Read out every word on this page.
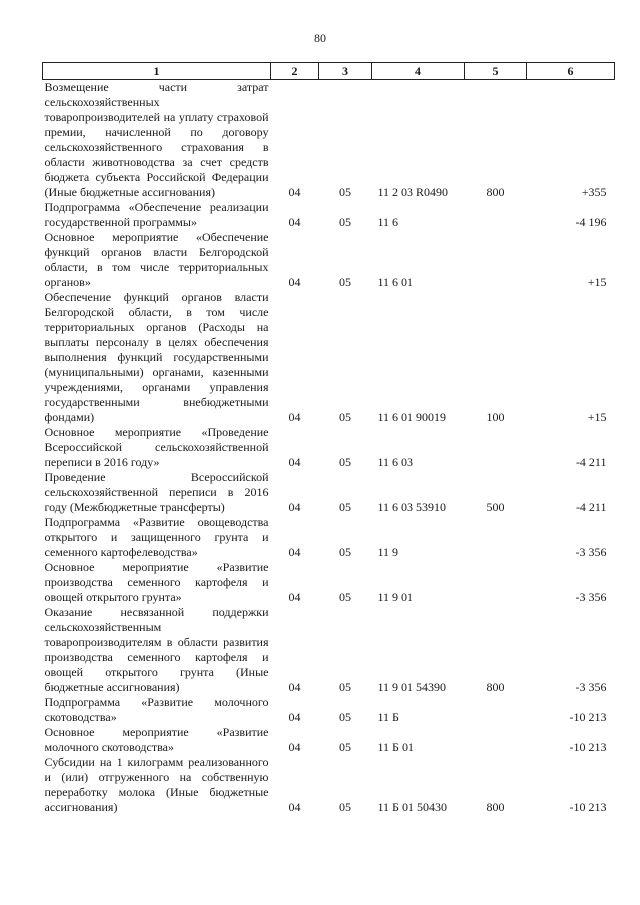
80
1	2	3	4	5	6
Возмещение части затрат сельскохозяйственных товаропроизводителей на уплату страховой премии, начисленной по договору сельскохозяйственного страхования в области животноводства за счет средств бюджета субъекта Российской Федерации (Иные бюджетные ассигнования)	04	05	11 2 03 R0490	800	+355
Подпрограмма «Обеспечение реализации государственной программы»	04	05	11 6		-4 196
Основное мероприятие «Обеспечение функций органов власти Белгородской области, в том числе территориальных органов»	04	05	11 6 01		+15
Обеспечение функций органов власти Белгородской области, в том числе территориальных органов (Расходы на выплаты персоналу в целях обеспечения выполнения функций государственными (муниципальными) органами, казенными учреждениями, органами управления государственными внебюджетными фондами)	04	05	11 6 01 90019	100	+15
Основное мероприятие «Проведение Всероссийской сельскохозяйственной переписи в 2016 году»	04	05	11 6 03		-4 211
Проведение Всероссийской сельскохозяйственной переписи в 2016 году (Межбюджетные трансферты)	04	05	11 6 03 53910	500	-4 211
Подпрограмма «Развитие овощеводства открытого и защищенного грунта и семенного картофелеводства»	04	05	11 9		-3 356
Основное мероприятие «Развитие производства семенного картофеля и овощей открытого грунта»	04	05	11 9 01		-3 356
Оказание несвязанной поддержки сельскохозяйственным товаропроизводителям в области развития производства семенного картофеля и овощей открытого грунта (Иные бюджетные ассигнования)	04	05	11 9 01 54390	800	-3 356
Подпрограмма «Развитие молочного скотоводства»	04	05	11 Б		-10 213
Основное мероприятие «Развитие молочного скотоводства»	04	05	11 Б 01		-10 213
Субсидии на 1 килограмм реализованного и (или) отгруженного на собственную переработку молока (Иные бюджетные ассигнования)	04	05	11 Б 01 50430	800	-10 213
